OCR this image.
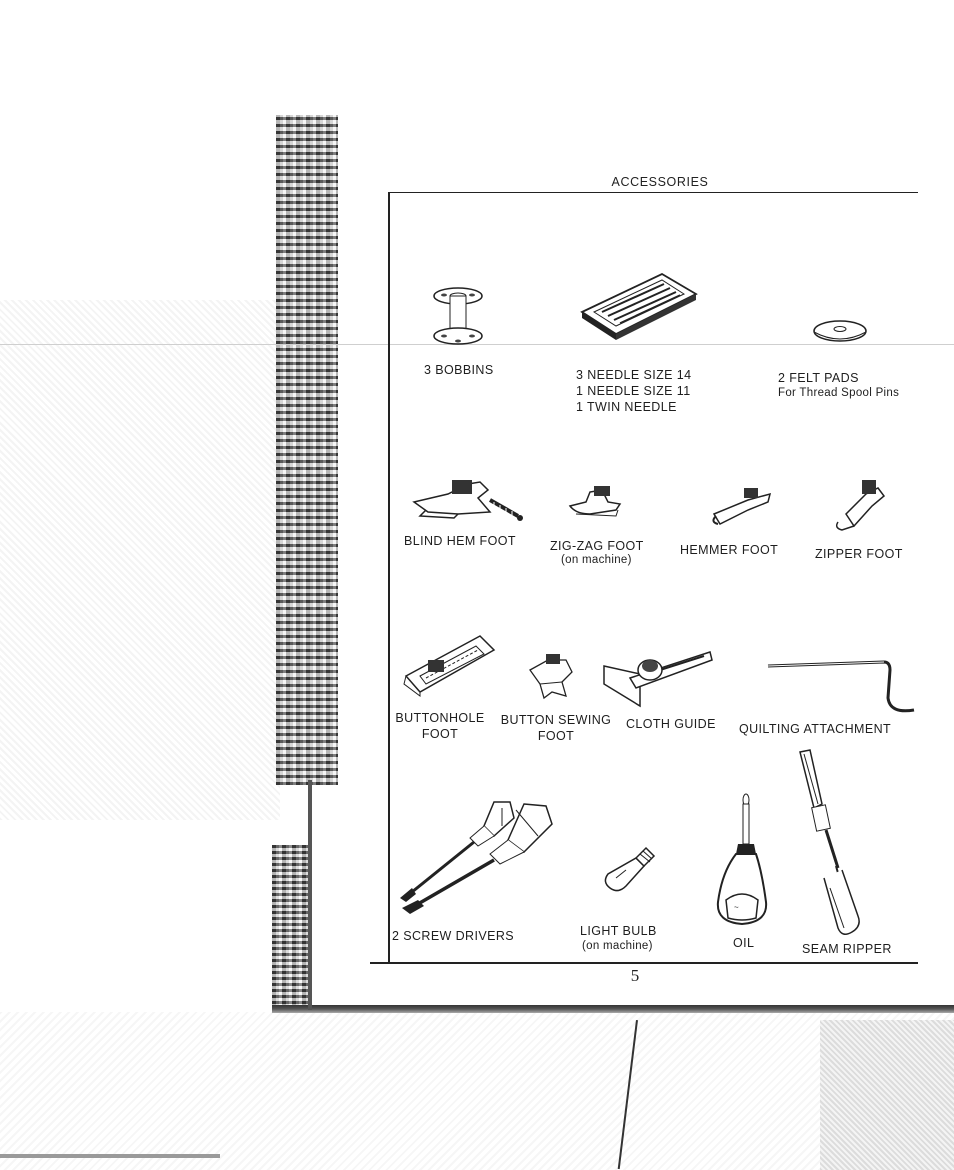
ACCESSORIES
3 BOBBINS	3 NEEDLE SIZE 14
1 NEEDLE SIZE 11
1 TWIN NEEDLE
2 FELT PADS
For Thread Spool Pins
BLIND HEM FOOT	ZIG-ZAG FOOT
(on machine)
HEMMER FOOT	ZIPPER FOOT
BUTTONHOLE
FOOT
BUTTON SEWING
FOOT
CLOTH GUIDE QUILTING ATTACHMENT
2 SCREW DRIVERS	LIGHT BULB
(on machine)
~
OIL	SEAM RIPPER
5
